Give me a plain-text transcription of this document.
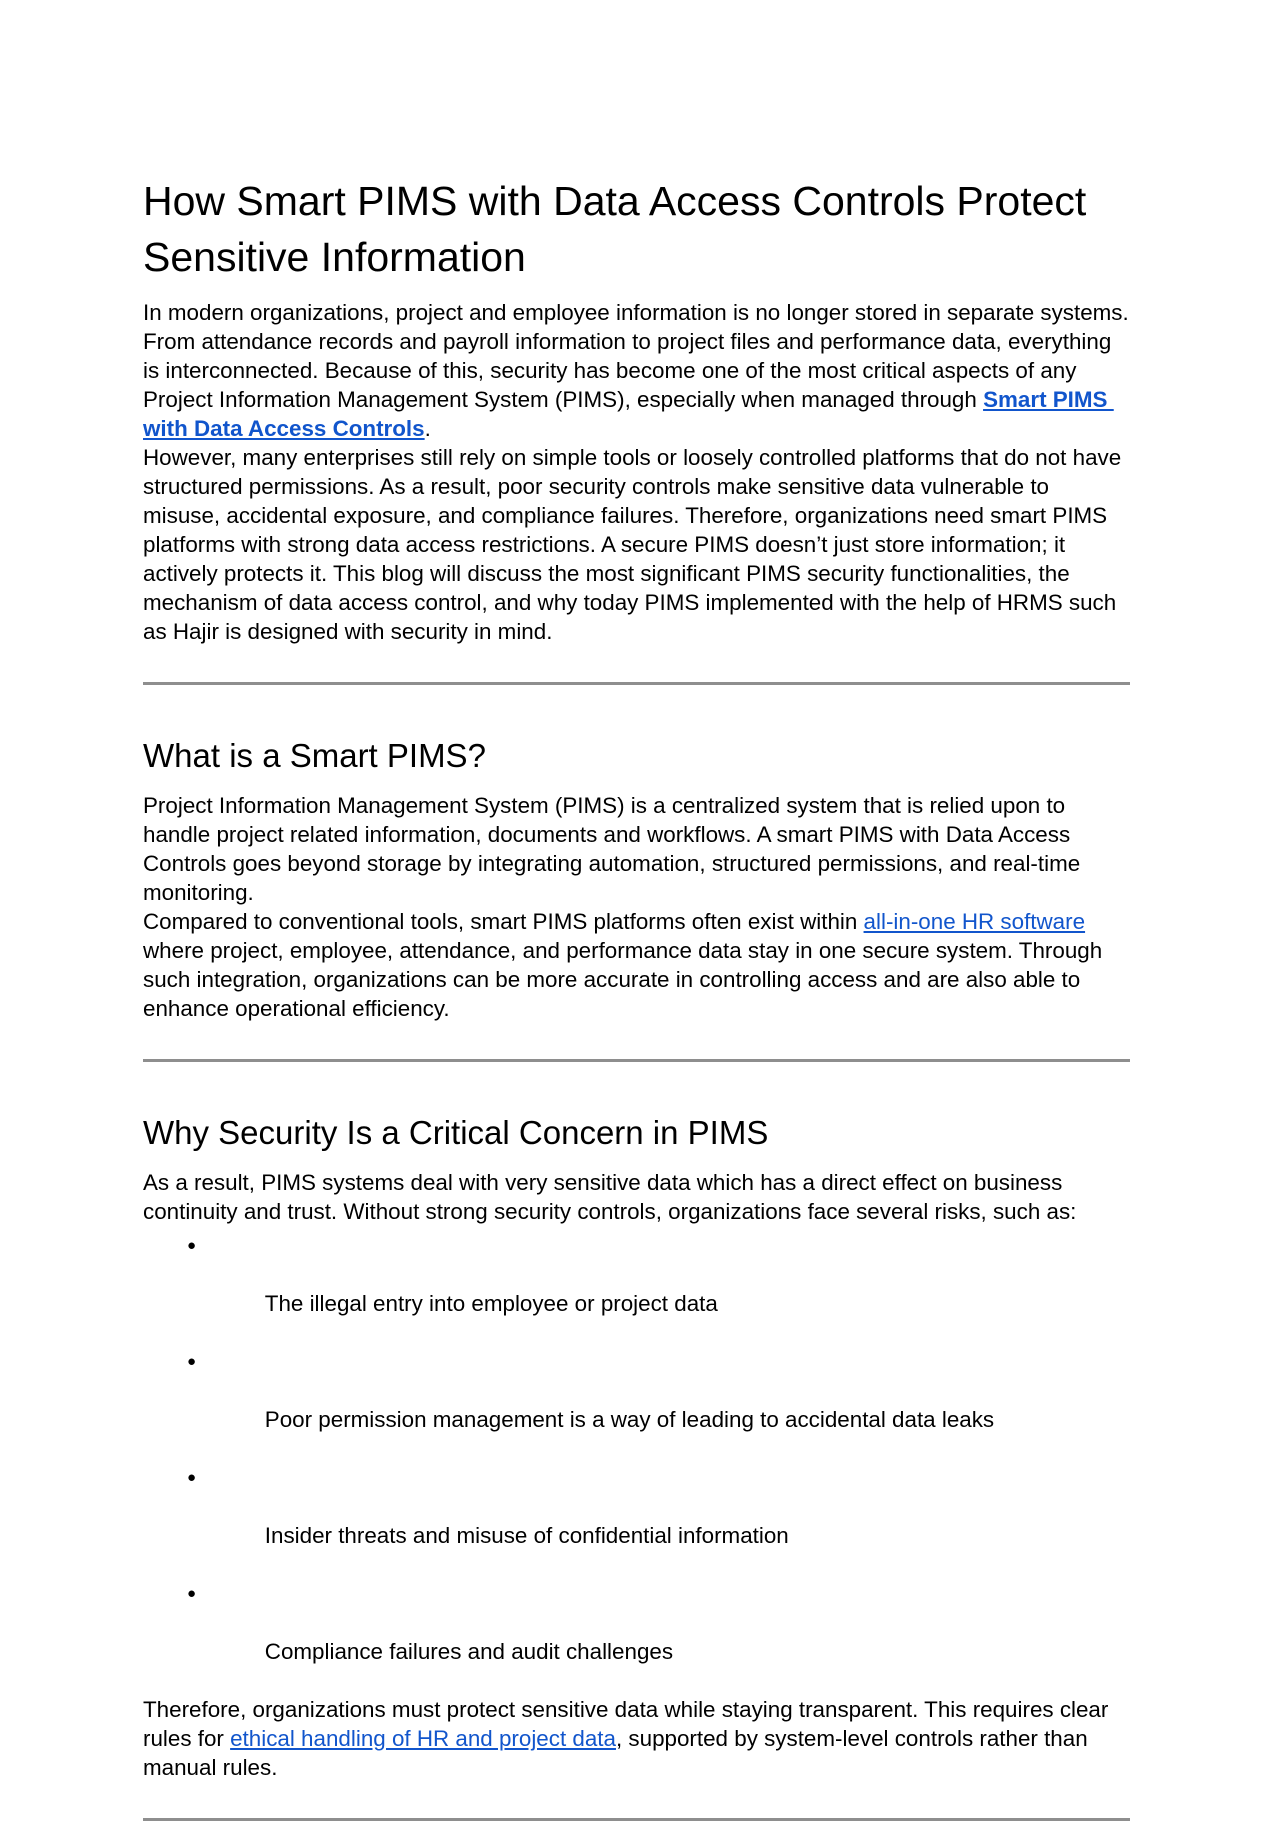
How Smart PIMS with Data Access Controls Protect Sensitive Information

In modern organizations, project and employee information is no longer stored in separate systems.  From attendance records and payroll information to project files and performance data, everything is interconnected. Because of this, security has become one of the most critical aspects of any Project Information Management System (PIMS), especially when managed through Smart PIMS with Data Access Controls.

However, many enterprises still rely on simple tools or loosely controlled platforms that do not have structured permissions. As a result, poor security controls make sensitive data vulnerable to misuse, accidental exposure, and compliance failures. Therefore, organizations need smart PIMS platforms with strong data access restrictions. A secure PIMS doesn’t just store information; it actively protects it. This blog will discuss the most significant PIMS security functionalities, the mechanism of data access control, and why today PIMS implemented with the help of HRMS such as Hajir is designed with security in mind.

What is a Smart PIMS?

Project Information Management System (PIMS) is a centralized system that is relied upon to handle project related information, documents and workflows. A smart PIMS with Data Access Controls goes beyond storage by integrating automation, structured permissions, and real-time monitoring.

Compared to conventional tools, smart PIMS platforms often exist within all-in-one HR software where project, employee, attendance, and performance data stay in one secure system. Through such integration, organizations can be more accurate in controlling access and are also able to enhance operational efficiency.

Why Security Is a Critical Concern in PIMS

As a result, PIMS systems deal with very sensitive data which has a direct effect on business continuity and trust. Without strong security controls, organizations face several risks, such as:

●

The illegal entry into employee or project data

●

Poor permission management is a way of leading to accidental data leaks

●

Insider threats and misuse of confidential information

●

Compliance failures and audit challenges

Therefore, organizations must protect sensitive data while staying transparent. This requires clear rules for ethical handling of HR and project data, supported by system-level controls rather than manual rules.
